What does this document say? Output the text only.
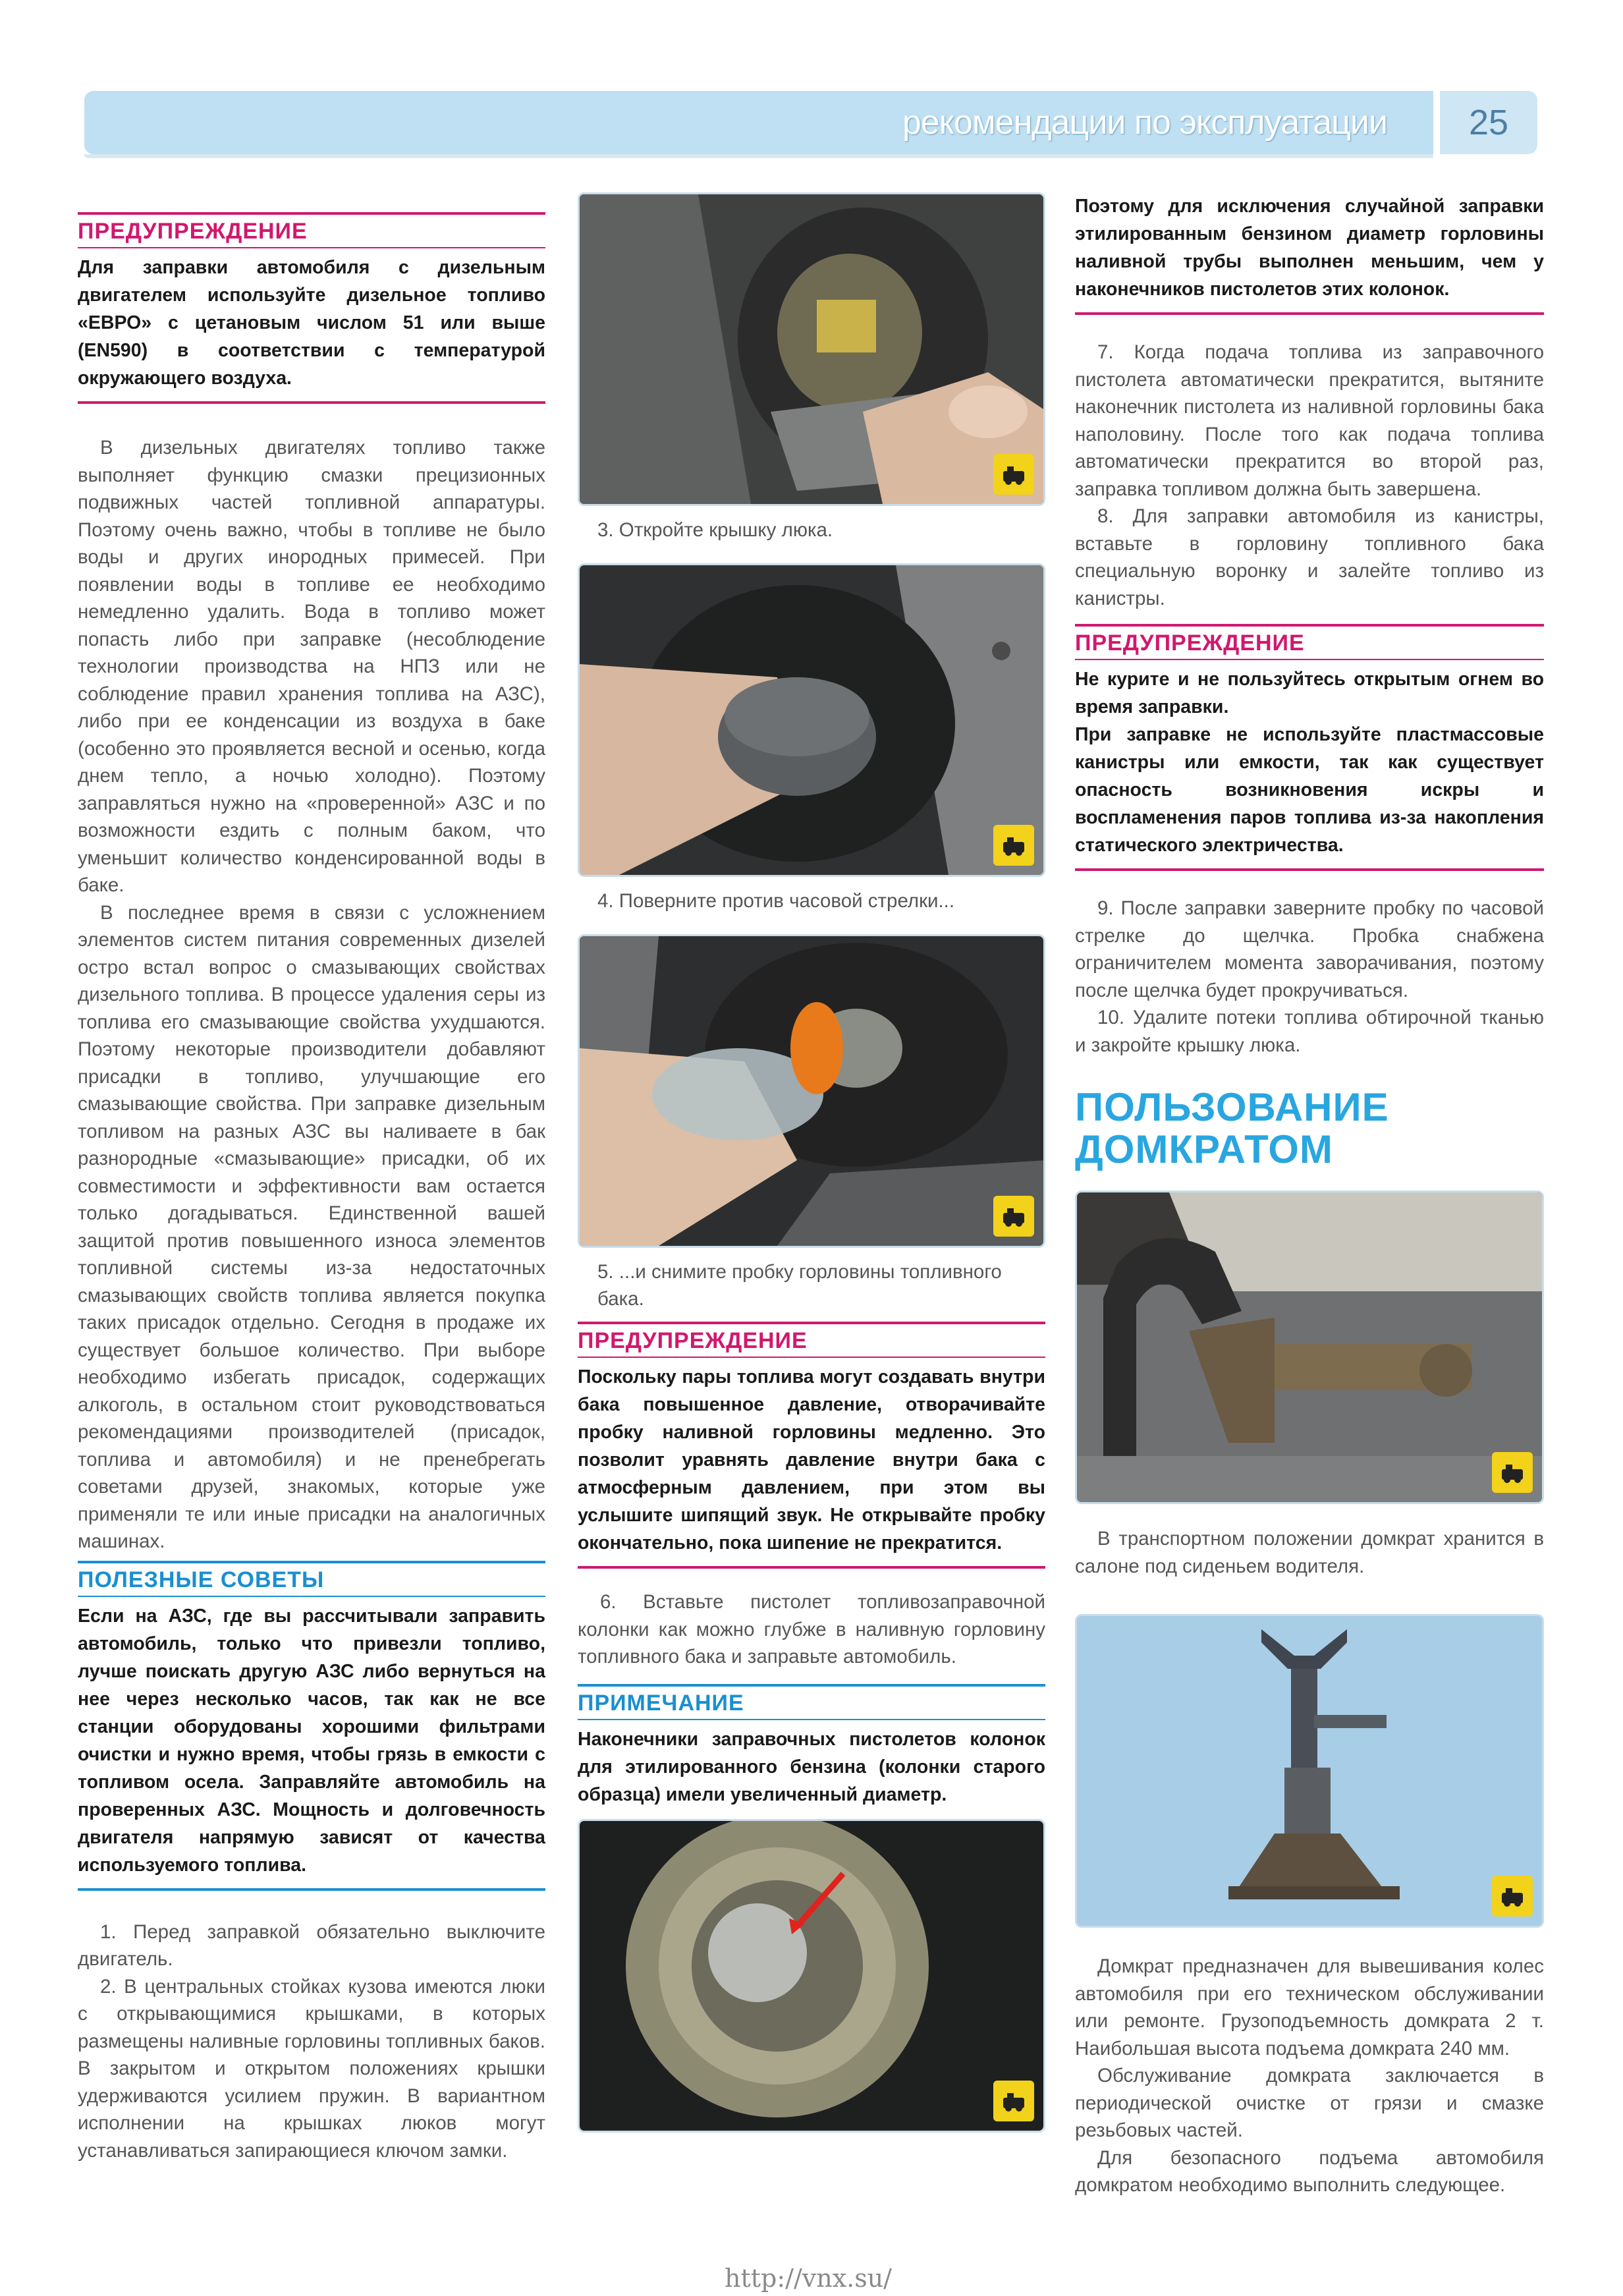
рекомендации по эксплуатации	25
ПРЕДУПРЕЖДЕНИЕ
Для заправки автомобиля с дизельным двигателем используйте дизельное топливо «ЕВРО» с цетановым числом 51 или выше (EN590) в соответствии с температурой окружающего воздуха.

В дизельных двигателях топливо также выполняет функцию смазки прецизионных подвижных частей топливной аппаратуры. Поэтому очень важно, чтобы в топливе не было воды и других инородных примесей. При появлении воды в топливе ее необходимо немедленно удалить. Вода в топливо может попасть либо при заправке (несоблюдение технологии производства на НПЗ или не соблюдение правил хранения топлива на АЗС), либо при ее конденсации из воздуха в баке (особенно это проявляется весной и осенью, когда днем тепло, а ночью холодно). Поэтому заправляться нужно на «проверенной» АЗС и по возможности ездить с полным баком, что уменьшит количество конденсированной воды в баке.

В последнее время в связи с усложнением элементов систем питания современных дизелей остро встал вопрос о смазывающих свойствах дизельного топлива. В процессе удаления серы из топлива его смазывающие свойства ухудшаются. Поэтому некоторые производители добавляют присадки в топливо, улучшающие его смазывающие свойства. При заправке дизельным топливом на разных АЗС вы наливаете в бак разнородные «смазывающие» присадки, об их совместимости и эффективности вам остается только догадываться. Единственной вашей защитой против повышенного износа элементов топливной системы из-за недостаточных смазывающих свойств топлива является покупка таких присадок отдельно. Сегодня в продаже их существует большое количество. При выборе необходимо избегать присадок, содержащих алкоголь, в остальном стоит руководствоваться рекомендациями производителей (присадок, топлива и автомобиля) и не пренебрегать советами друзей, знакомых, которые уже применяли те или иные присадки на аналогичных машинах.

ПОЛЕЗНЫЕ СОВЕТЫ
Если на АЗС, где вы рассчитывали заправить автомобиль, только что привезли топливо, лучше поискать другую АЗС либо вернуться на нее через несколько часов, так как не все станции оборудованы хорошими фильтрами очистки и нужно время, чтобы грязь в емкости с топливом осела. Заправляйте автомобиль на проверенных АЗС. Мощность и долговечность двигателя напрямую зависят от качества используемого топлива.

1. Перед заправкой обязательно выключите двигатель.

2. В центральных стойках кузова имеются люки с открывающимися крышками, в которых размещены наливные горловины топливных баков. В закрытом и открытом положениях крышки удерживаются усилием пружин. В вариантном исполнении на крышках люков могут устанавливаться запирающиеся ключом замки.

3. Откройте крышку люка.
4. Поверните против часовой стрелки...
5. ...и снимите пробку горловины топливного бака.
ПРЕДУПРЕЖДЕНИЕ
Поскольку пары топлива могут создавать внутри бака повышенное давление, отворачивайте пробку наливной горловины медленно. Это позволит уравнять давление внутри бака с атмосферным давлением, при этом вы услышите шипящий звук. Не открывайте пробку окончательно, пока шипение не прекратится.

6. Вставьте пистолет топливозаправочной колонки как можно глубже в наливную горловину топливного бака и заправьте автомобиль.

ПРИМЕЧАНИЕ
Наконечники заправочных пистолетов колонок для этилированного бензина (колонки старого образца) имели увеличенный диаметр.
Поэтому для исключения случайной заправки этилированным бензином диаметр горловины наливной трубы выполнен меньшим, чем у наконечников пистолетов этих колонок.

7. Когда подача топлива из заправочного пистолета автоматически прекратится, вытяните наконечник пистолета из наливной горловины бака наполовину. После того как подача топлива автоматически прекратится во второй раз, заправка топливом должна быть завершена.

8. Для заправки автомобиля из канистры, вставьте в горловину топливного бака специальную воронку и залейте топливо из канистры.

ПРЕДУПРЕЖДЕНИЕ
Не курите и не пользуйтесь открытым огнем во время заправки.
При заправке не используйте пластмассовые канистры или емкости, так как существует опасность возникновения искры и воспламенения паров топлива из-за накопления статического электричества.

9. После заправки заверните пробку по часовой стрелке до щелчка. Пробка снабжена ограничителем момента заворачивания, поэтому после щелчка будет прокручиваться.

10. Удалите потеки топлива обтирочной тканью и закройте крышку люка.

ПОЛЬЗОВАНИЕ
ДОМКРАТОМ

В транспортном положении домкрат хранится в салоне под сиденьем водителя.

Домкрат предназначен для вывешивания колес автомобиля при его техническом обслуживании или ремонте. Грузоподъемность домкрата 2 т. Наибольшая высота подъема домкрата 240 мм.

Обслуживание домкрата заключается в периодической очистке от грязи и смазке резьбовых частей.

Для безопасного подъема автомобиля домкратом необходимо выполнить следующее.

http://vnx.su/
